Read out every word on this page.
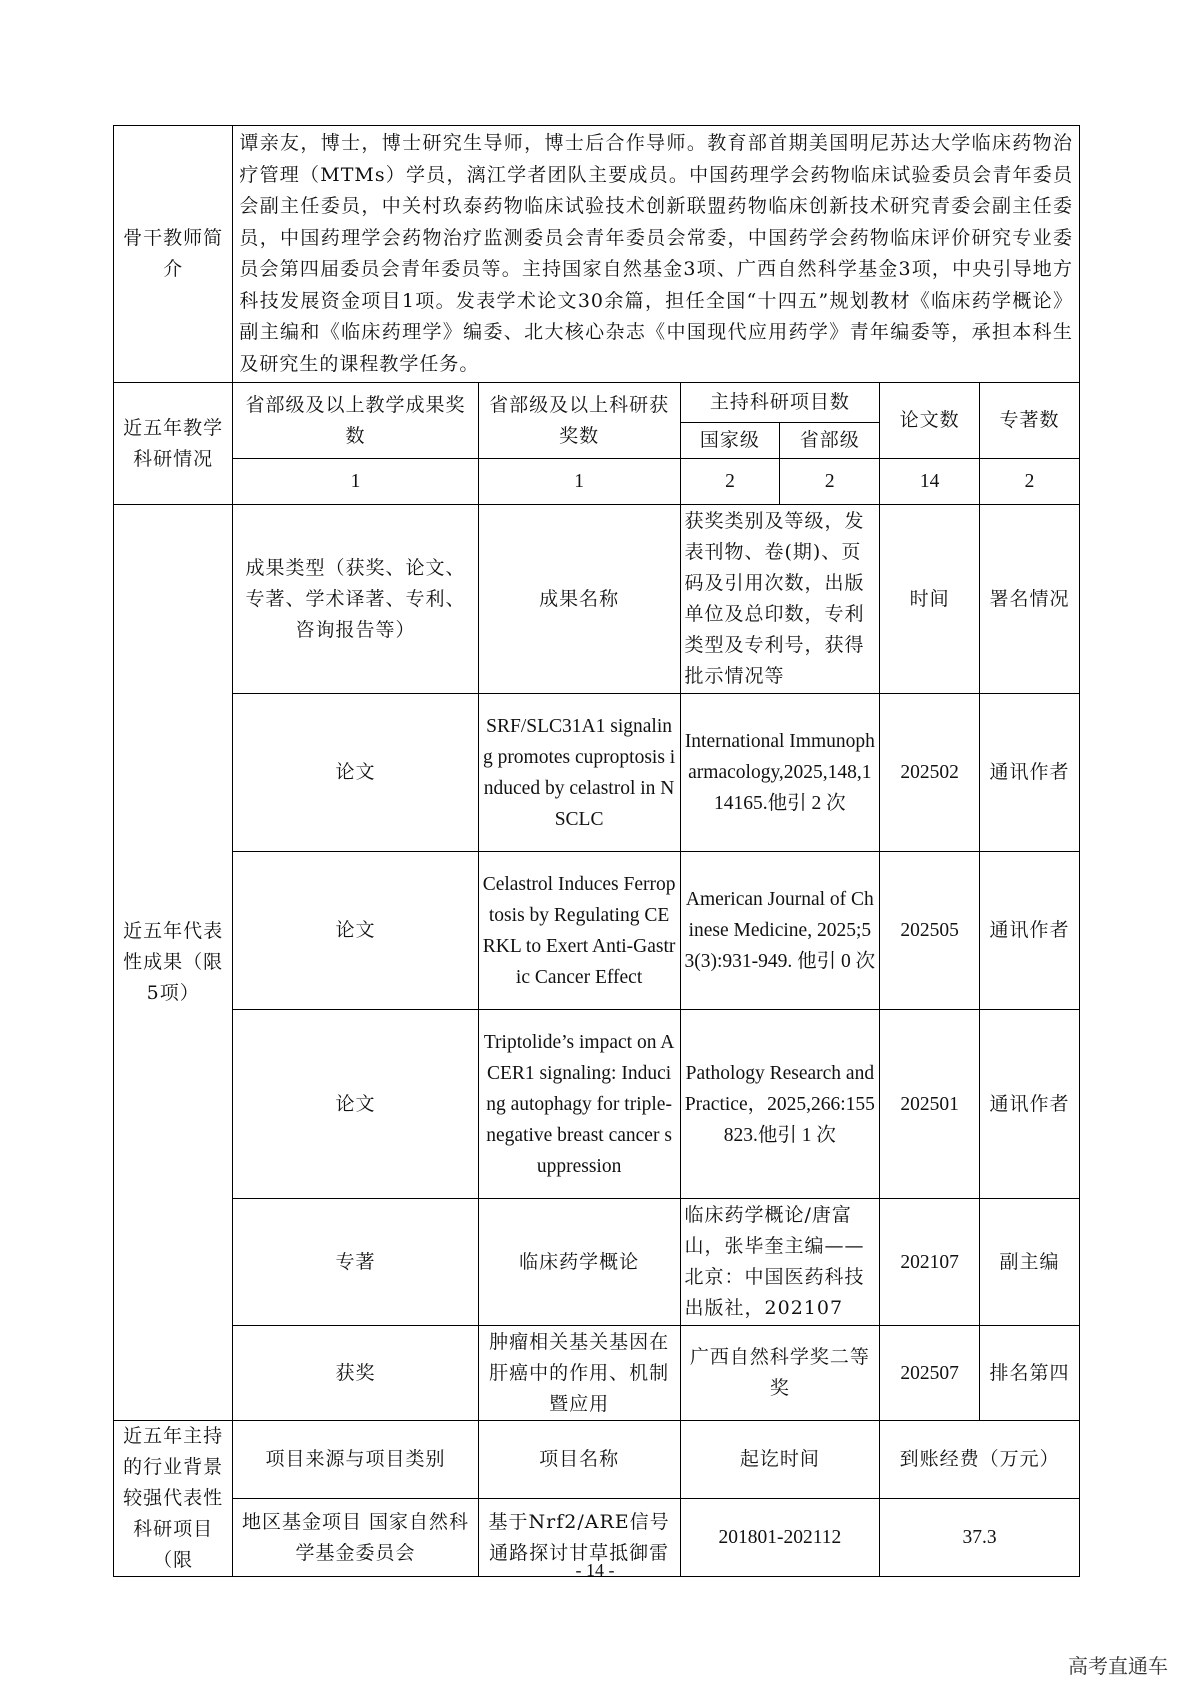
骨干教师简介	谭亲友，博士，博士研究生导师，博士后合作导师。教育部首期美国明尼苏达大学临床药物治疗管理（MTMs）学员，漓江学者团队主要成员。中国药理学会药物临床试验委员会青年委员会副主任委员，中关村玖泰药物临床试验技术创新联盟药物临床创新技术研究青委会副主任委员，中国药理学会药物治疗监测委员会青年委员会常委，中国药学会药物临床评价研究专业委员会第四届委员会青年委员等。主持国家自然基金3项、广西自然科学基金3项，中央引导地方科技发展资金项目1项。发表学术论文30余篇，担任全国“十四五”规划教材《临床药学概论》副主编和《临床药理学》编委、北大核心杂志《中国现代应用药学》青年编委等，承担本科生及研究生的课程教学任务。					
近五年教学科研情况	省部级及以上教学成果奖数	省部级及以上科研获奖数	主持科研项目数		论文数	专著数
			国家级	省部级		
	1	1	2	2	14	2
近五年代表性成果（限5项）	成果类型（获奖、论文、专著、学术译著、专利、咨询报告等）	成果名称	获奖类别及等级，发表刊物、卷(期)、页码及引用次数，出版单位及总印数，专利类型及专利号，获得批示情况等		时间	署名情况
	论文	SRF/SLC31A1 signaling promotes cuproptosis induced by celastrol in NSCLC	International Immunopharmacology,2025,148,114165.他引 2 次		202502	通讯作者
	论文	Celastrol Induces Ferroptosis by Regulating CERKL to Exert Anti-Gastric Cancer Effect	American Journal of Chinese Medicine, 2025;53(3):931-949. 他引 0 次		202505	通讯作者
	论文	Triptolide’s impact on ACER1 signaling: Inducing autophagy for triple-negative breast cancer suppression	Pathology Research and Practice，2025,266:155823.他引 1 次		202501	通讯作者
	专著	临床药学概论	临床药学概论/唐富山，张毕奎主编——北京：中国医药科技出版社，202107		202107	副主编
	获奖	肿瘤相关基关基因在肝癌中的作用、机制暨应用	广西自然科学奖二等奖		202507	排名第四
近五年主持的行业背景较强代表性科研项目（限	项目来源与项目类别	项目名称	起讫时间		到账经费（万元）	
	地区基金项目 国家自然科学基金委员会	基于Nrf2/ARE信号通路探讨甘草抵御雷	201801-202112		37.3	
- 14 -
高考直通车
